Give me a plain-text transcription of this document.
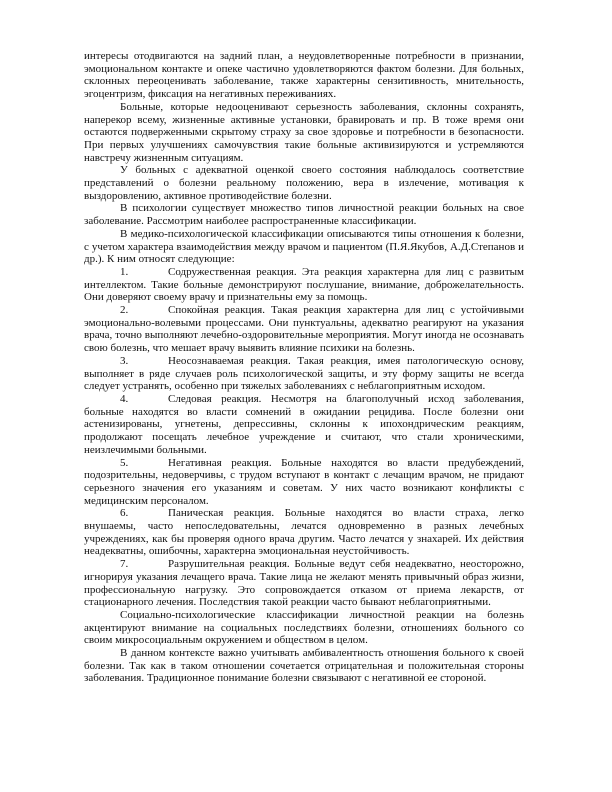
интересы отодвигаются на задний план, а неудовлетворенные потребности в признании, эмоциональном контакте и опеке частично удовлетворяются фактом болезни. Для больных, склонных переоценивать заболевание, также характерны сензитивность, мнительность, эгоцентризм, фиксация на негативных переживаниях.

Больные, которые недооценивают серьезность заболевания, склонны сохранять, наперекор всему, жизненные активные установки, бравировать и пр. В тоже время они остаются подверженными скрытому страху за свое здоровье и потребности в безопасности. При первых улучшениях самочувствия такие больные активизируются и устремляются навстречу жизненным ситуациям.

У больных с адекватной оценкой своего состояния наблюдалось соответствие представлений о болезни реальному положению, вера в излечение, мотивация к выздоровлению, активное противодействие болезни.

В психологии существует множество типов личностной реакции больных на свое заболевание. Рассмотрим наиболее распространенные классификации.

В медико-психологической классификации описываются типы отношения к болезни, с учетом характера взаимодействия между врачом и пациентом (П.Я.Якубов, А.Д.Степанов и др.). К ним относят следующие:

1.	Содружественная реакция. Эта реакция характерна для лиц с развитым интеллектом. Такие больные демонстрируют послушание, внимание, доброжелательность. Они доверяют своему врачу и признательны ему за помощь.

2.	Спокойная реакция. Такая реакция характерна для лиц с устойчивыми эмоционально-волевыми процессами. Они пунктуальны, адекватно реагируют на указания врача, точно выполняют лечебно-оздоровительные мероприятия. Могут иногда не осознавать свою болезнь, что мешает врачу выявить влияние психики на болезнь.

3.	Неосознаваемая реакция. Такая реакция, имея патологическую основу, выполняет в ряде случаев роль психологической защиты, и эту форму защиты не всегда следует устранять, особенно при тяжелых заболеваниях с неблагоприятным исходом.

4.	Следовая реакция. Несмотря на благополучный исход заболевания, больные находятся во власти сомнений в ожидании рецидива. После болезни они астенизированы, угнетены, депрессивны, склонны к ипохондрическим реакциям, продолжают посещать лечебное учреждение и считают, что стали хроническими, неизлечимыми больными.

5.	Негативная реакция. Больные находятся во власти предубеждений, подозрительны, недоверчивы, с трудом вступают в контакт с лечащим врачом, не придают серьезного значения его указаниям и советам. У них часто возникают конфликты с медицинским персоналом.

6.	Паническая реакция. Больные находятся во власти страха, легко внушаемы, часто непоследовательны, лечатся одновременно в разных лечебных учреждениях, как бы проверяя одного врача другим. Часто лечатся у знахарей. Их действия неадекватны, ошибочны, характерна эмоциональная неустойчивость.

7.	Разрушительная реакция. Больные ведут себя неадекватно, неосторожно, игнорируя указания лечащего врача. Такие лица не желают менять привычный образ жизни, профессиональную нагрузку. Это сопровождается отказом от приема лекарств, от стационарного лечения. Последствия такой реакции часто бывают неблагоприятными.

Социально-психологические классификации личностной реакции на болезнь акцентируют внимание на социальных последствиях болезни, отношениях больного со своим микросоциальным окружением и обществом в целом.

В данном контексте важно учитывать амбивалентность отношения больного к своей болезни. Так как в таком отношении сочетается отрицательная и положительная стороны заболевания. Традиционное понимание болезни связывают с негативной ее стороной.
